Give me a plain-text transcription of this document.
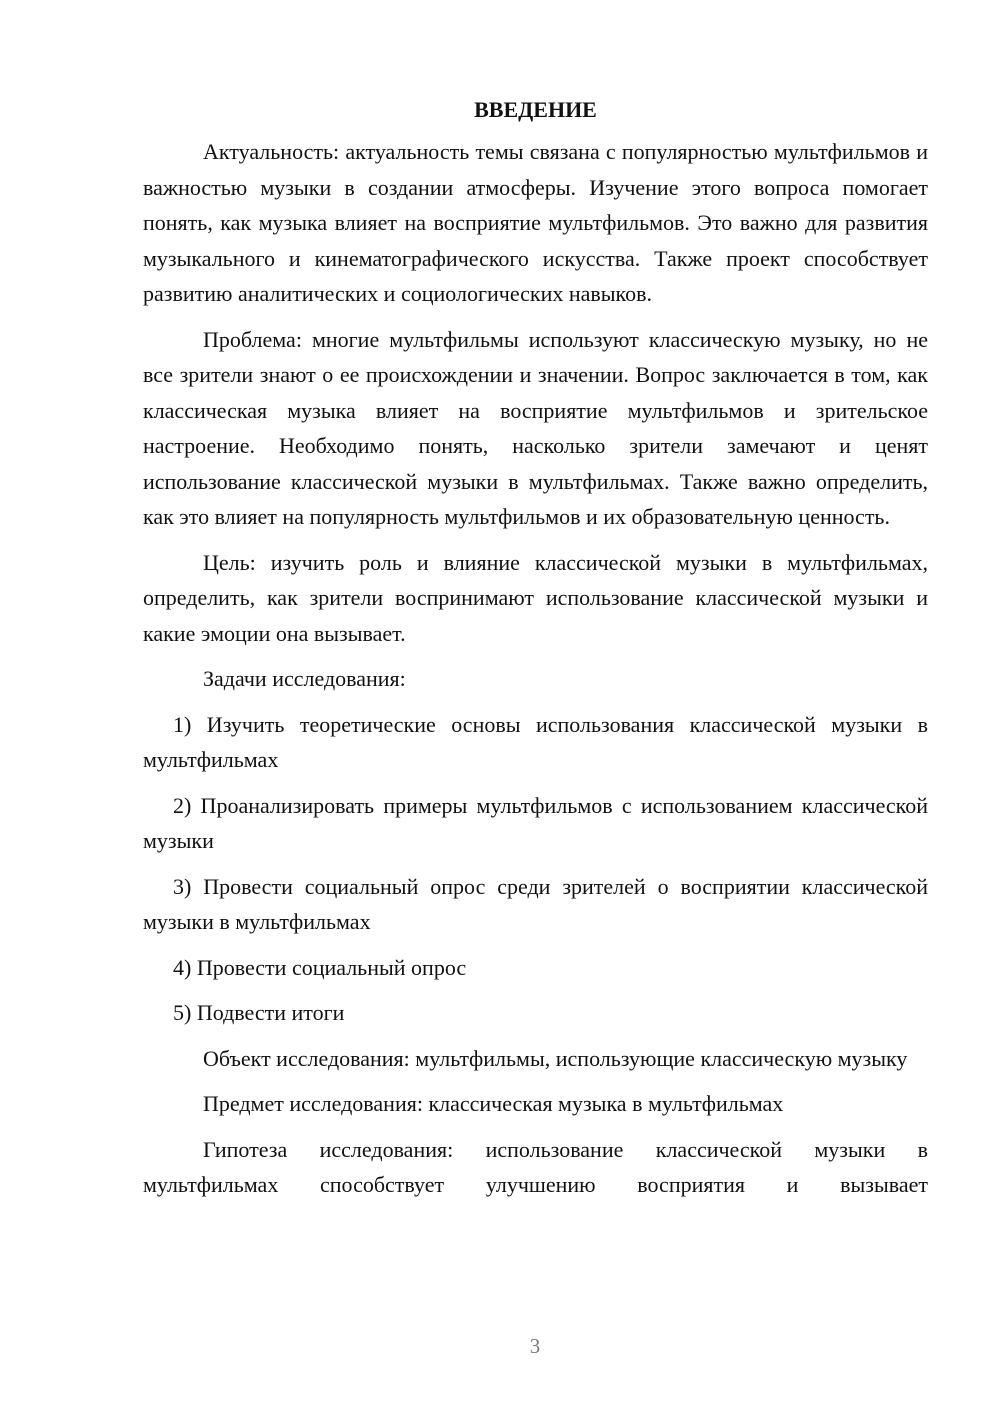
ВВЕДЕНИЕ

Актуальность: актуальность темы связана с популярностью мультфильмов и важностью музыки в создании атмосферы. Изучение этого вопроса помогает понять, как музыка влияет на восприятие мультфильмов. Это важно для развития музыкального и кинематографического искусства. Также проект способствует развитию аналитических и социологических навыков.

Проблема: многие мультфильмы используют классическую музыку, но не все зрители знают о ее происхождении и значении. Вопрос заключается в том, как классическая музыка влияет на восприятие мультфильмов и зрительское настроение. Необходимо понять, насколько зрители замечают и ценят использование классической музыки в мультфильмах. Также важно определить, как это влияет на популярность мультфильмов и их образовательную ценность.

Цель: изучить роль и влияние классической музыки в мультфильмах, определить, как зрители воспринимают использование классической музыки и какие эмоции она вызывает.

Задачи исследования:

1) Изучить теоретические основы использования классической музыки в мультфильмах

2) Проанализировать примеры мультфильмов с использованием классической музыки

3) Провести социальный опрос среди зрителей о восприятии классической музыки в мультфильмах

4) Провести социальный опрос

5) Подвести итоги

Объект исследования: мультфильмы, использующие классическую музыку

Предмет исследования: классическая музыка в мультфильмах

Гипотеза исследования: использование классической музыки в мультфильмах способствует улучшению восприятия и вызывает

3
